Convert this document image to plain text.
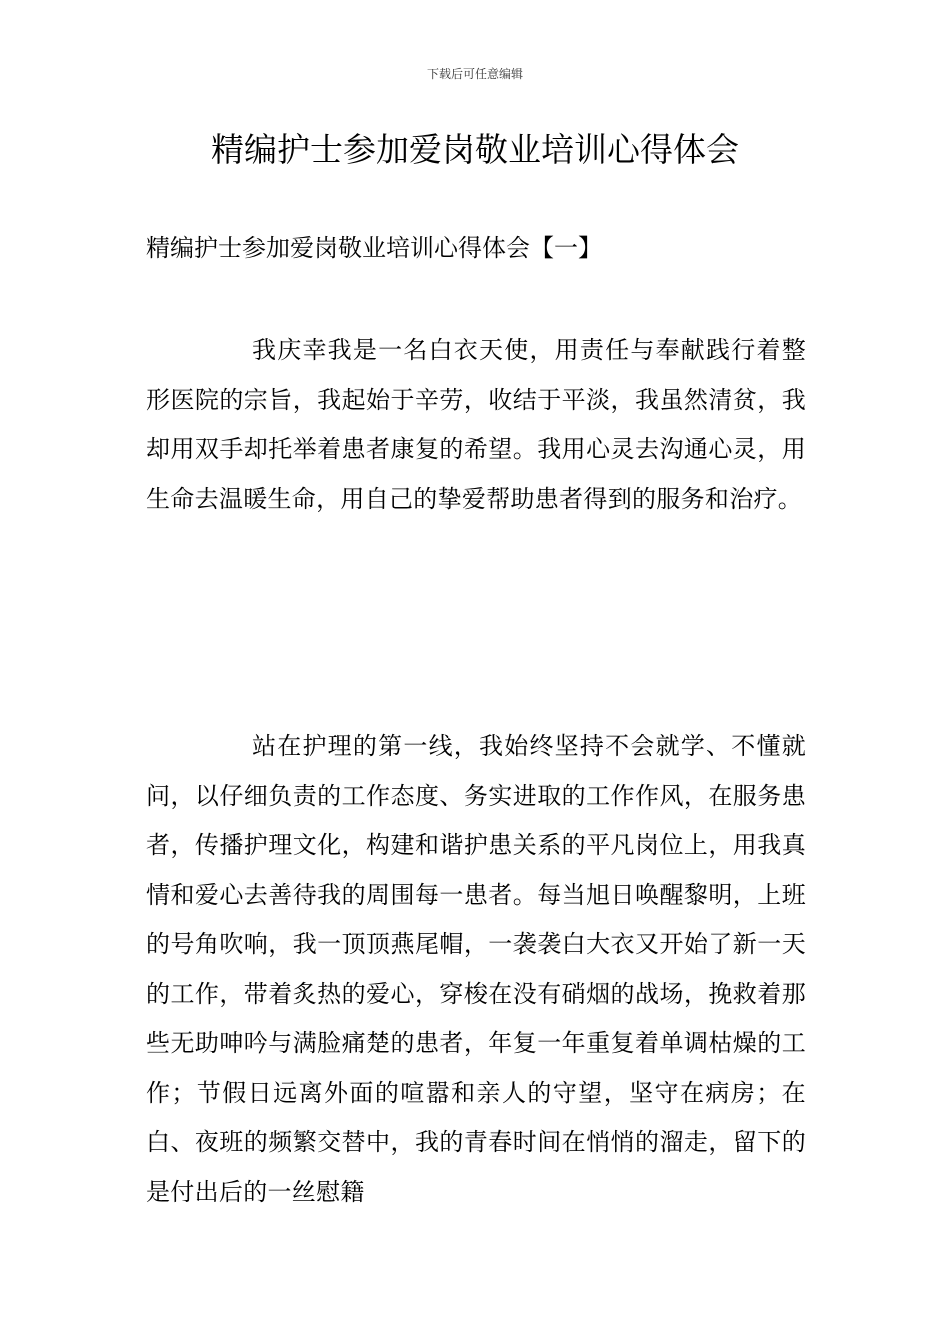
下载后可任意编辑
精编护士参加爱岗敬业培训心得体会
精编护士参加爱岗敬业培训心得体会【一】

我庆幸我是一名白衣天使，用责任与奉献践行着整形医院的宗旨，我起始于辛劳，收结于平淡，我虽然清贫，我却用双手却托举着患者康复的希望。我用心灵去沟通心灵，用生命去温暖生命，用自己的挚爱帮助患者得到的服务和治疗。

站在护理的第一线，我始终坚持不会就学、不懂就问，以仔细负责的工作态度、务实进取的工作作风，在服务患者，传播护理文化，构建和谐护患关系的平凡岗位上，用我真情和爱心去善待我的周围每一患者。每当旭日唤醒黎明，上班的号角吹响，我一顶顶燕尾帽，一袭袭白大衣又开始了新一天的工作，带着炙热的爱心，穿梭在没有硝烟的战场，挽救着那些无助呻吟与满脸痛楚的患者，年复一年重复着单调枯燥的工作；节假日远离外面的喧嚣和亲人的守望，坚守在病房；在白、夜班的频繁交替中，我的青春时间在悄悄的溜走，留下的是付出后的一丝慰籍
